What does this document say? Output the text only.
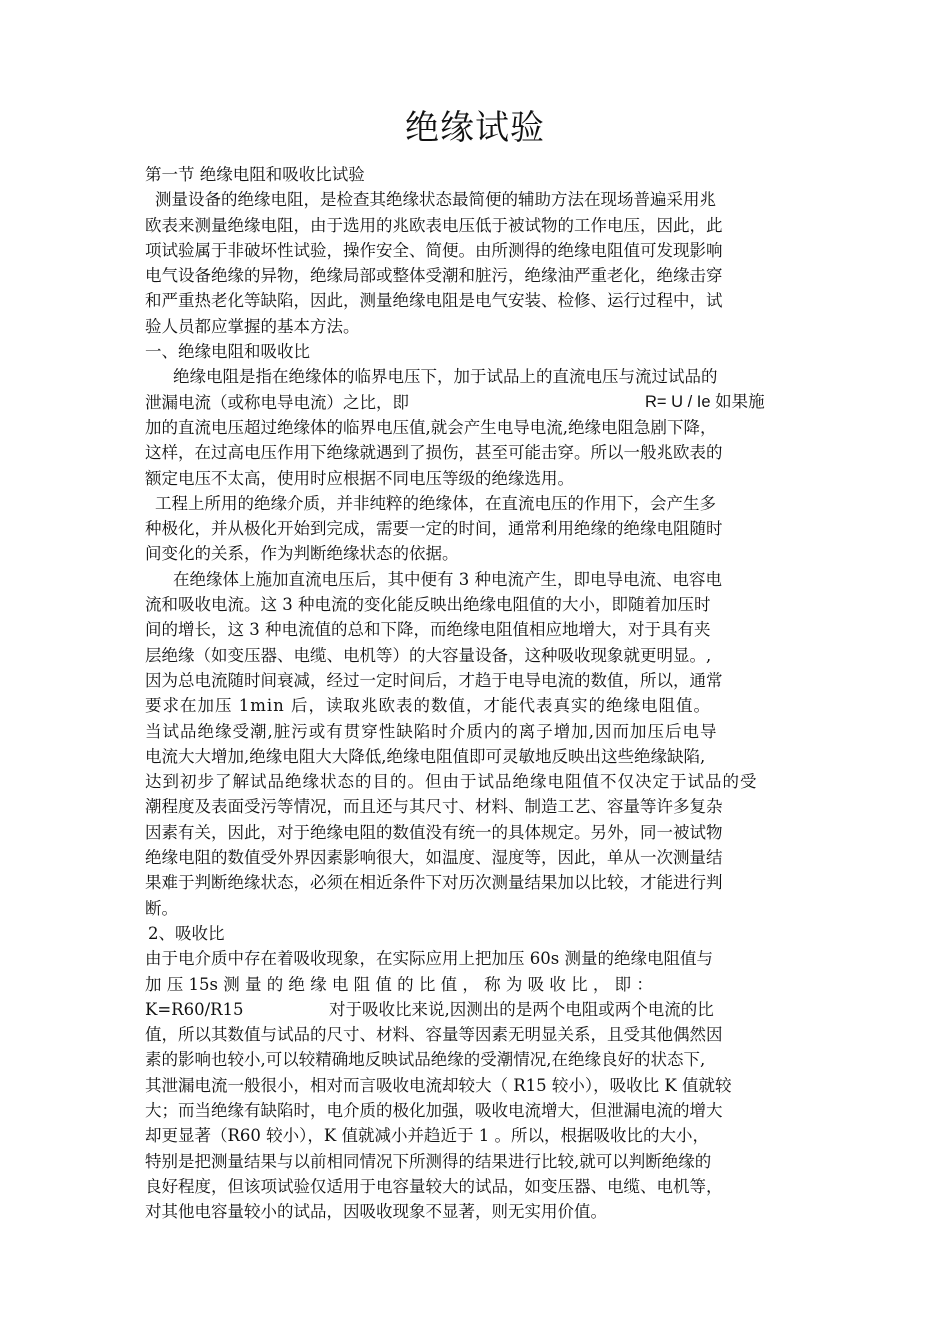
绝缘试验
第一节 绝缘电阻和吸收比试验
测量设备的绝缘电阻，是检查其绝缘状态最简便的辅助方法在现场普遍采用兆
欧表来测量绝缘电阻，由于选用的兆欧表电压低于被试物的工作电压，因此，此
项试验属于非破坏性试验，操作安全、简便。由所测得的绝缘电阻值可发现影响
电气设备绝缘的异物，绝缘局部或整体受潮和脏污，绝缘油严重老化，绝缘击穿
和严重热老化等缺陷，因此，测量绝缘电阻是电气安装、检修、运行过程中，试
验人员都应掌握的基本方法。
一、绝缘电阻和吸收比
绝缘电阻是指在绝缘体的临界电压下，加于试品上的直流电压与流过试品的
泄漏电流（或称电导电流）之比，即	R= U / Ie 如果施
加的直流电压超过绝缘体的临界电压值,就会产生电导电流,绝缘电阻急剧下降，
这样，在过高电压作用下绝缘就遇到了损伤，甚至可能击穿。所以一般兆欧表的
额定电压不太高，使用时应根据不同电压等级的绝缘选用。
工程上所用的绝缘介质，并非纯粹的绝缘体，在直流电压的作用下，会产生多
种极化，并从极化开始到完成，需要一定的时间，通常利用绝缘的绝缘电阻随时
间变化的关系，作为判断绝缘状态的依据。
在绝缘体上施加直流电压后，其中便有 3 种电流产生，即电导电流、电容电
流和吸收电流。这 3 种电流的变化能反映出绝缘电阻值的大小，即随着加压时
间的增长，这 3 种电流值的总和下降，而绝缘电阻值相应地增大，对于具有夹
层绝缘（如变压器、电缆、电机等）的大容量设备，这种吸收现象就更明显。,
因为总电流随时间衰减，经过一定时间后，才趋于电导电流的数值，所以，通常
要求在加压 1min 后，读取兆欧表的数值，才能代表真实的绝缘电阻值。
当试品绝缘受潮,脏污或有贯穿性缺陷时介质内的离子增加,因而加压后电导
电流大大增加,绝缘电阻大大降低,绝缘电阻值即可灵敏地反映出这些绝缘缺陷,
达到初步了解试品绝缘状态的目的。但由于试品绝缘电阻值不仅决定于试品的受
潮程度及表面受污等情况，而且还与其尺寸、材料、制造工艺、容量等许多复杂
因素有关，因此，对于绝缘电阻的数值没有统一的具体规定。另外，同一被试物
绝缘电阻的数值受外界因素影响很大，如温度、湿度等，因此，单从一次测量结
果难于判断绝缘状态，必须在相近条件下对历次测量结果加以比较，才能进行判
断。
2、吸收比
由于电介质中存在着吸收现象，在实际应用上把加压 60s 测量的绝缘电阻值与
加 压 15s 测 量 的 绝 缘 电 阻 值 的 比 值 ， 称 为 吸 收 比 ， 即 ：
K=R60/R15	对于吸收比来说,因测出的是两个电阻或两个电流的比
值，所以其数值与试品的尺寸、材料、容量等因素无明显关系，且受其他偶然因
素的影响也较小,可以较精确地反映试品绝缘的受潮情况,在绝缘良好的状态下,
其泄漏电流一般很小，相对而言吸收电流却较大（ R15 较小），吸收比 K 值就较
大；而当绝缘有缺陷时，电介质的极化加强，吸收电流增大，但泄漏电流的增大
却更显著（R60 较小），K 值就减小并趋近于 1 。所以，根据吸收比的大小，
特别是把测量结果与以前相同情况下所测得的结果进行比较,就可以判断绝缘的
良好程度，但该项试验仅适用于电容量较大的试品，如变压器、电缆、电机等，
对其他电容量较小的试品，因吸收现象不显著，则无实用价值。
